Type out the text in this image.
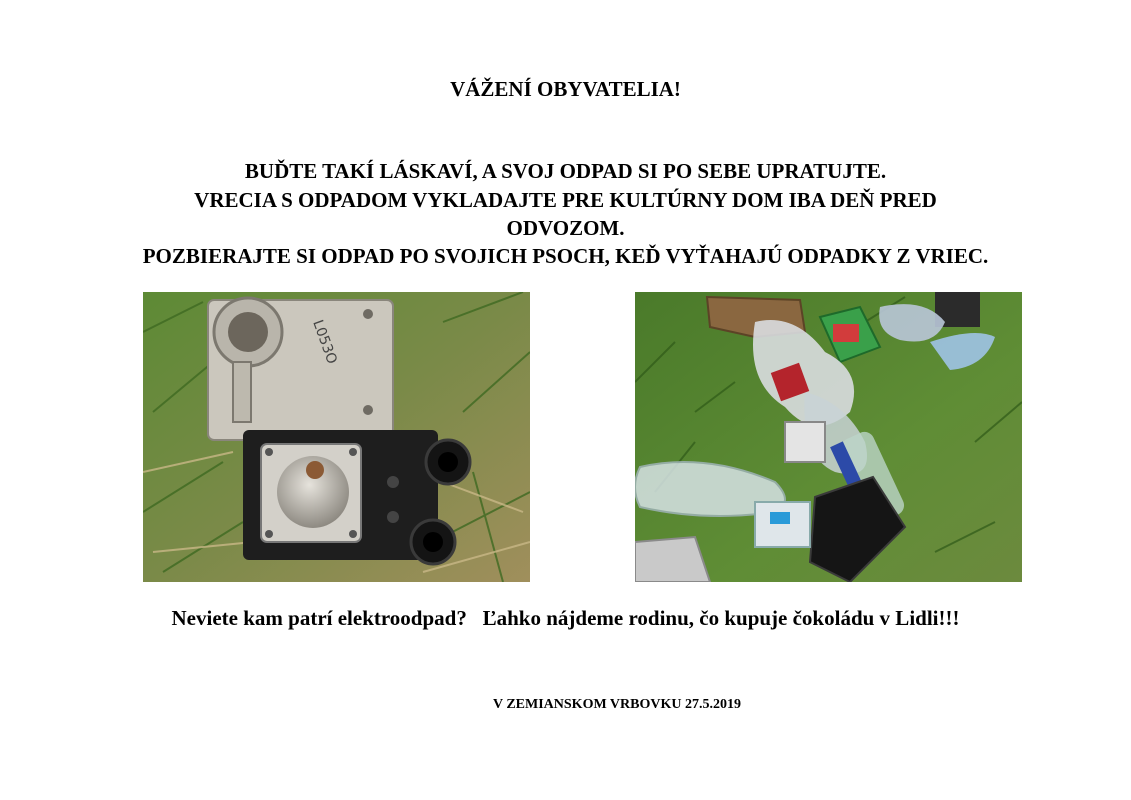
VÁŽENÍ OBYVATELIA!
BUĎTE TAKÍ LÁSKAVÍ, A SVOJ ODPAD SI PO SEBE UPRATUJTE.
VRECIA S ODPADOM VYKLADAJTE PRE KULTÚRNY DOM IBA DEŇ PRED
ODVOZOM.
POZBIERAJTE SI ODPAD PO SVOJICH PSOCH, KEĎ VYŤAHAJÚ ODPADKY Z VRIEC.
L053O
Neviete kam patrí elektroodpad?   Ľahko nájdeme rodinu, čo kupuje čokoládu v Lidli!!!
V ZEMIANSKOM VRBOVKU 27.5.2019
